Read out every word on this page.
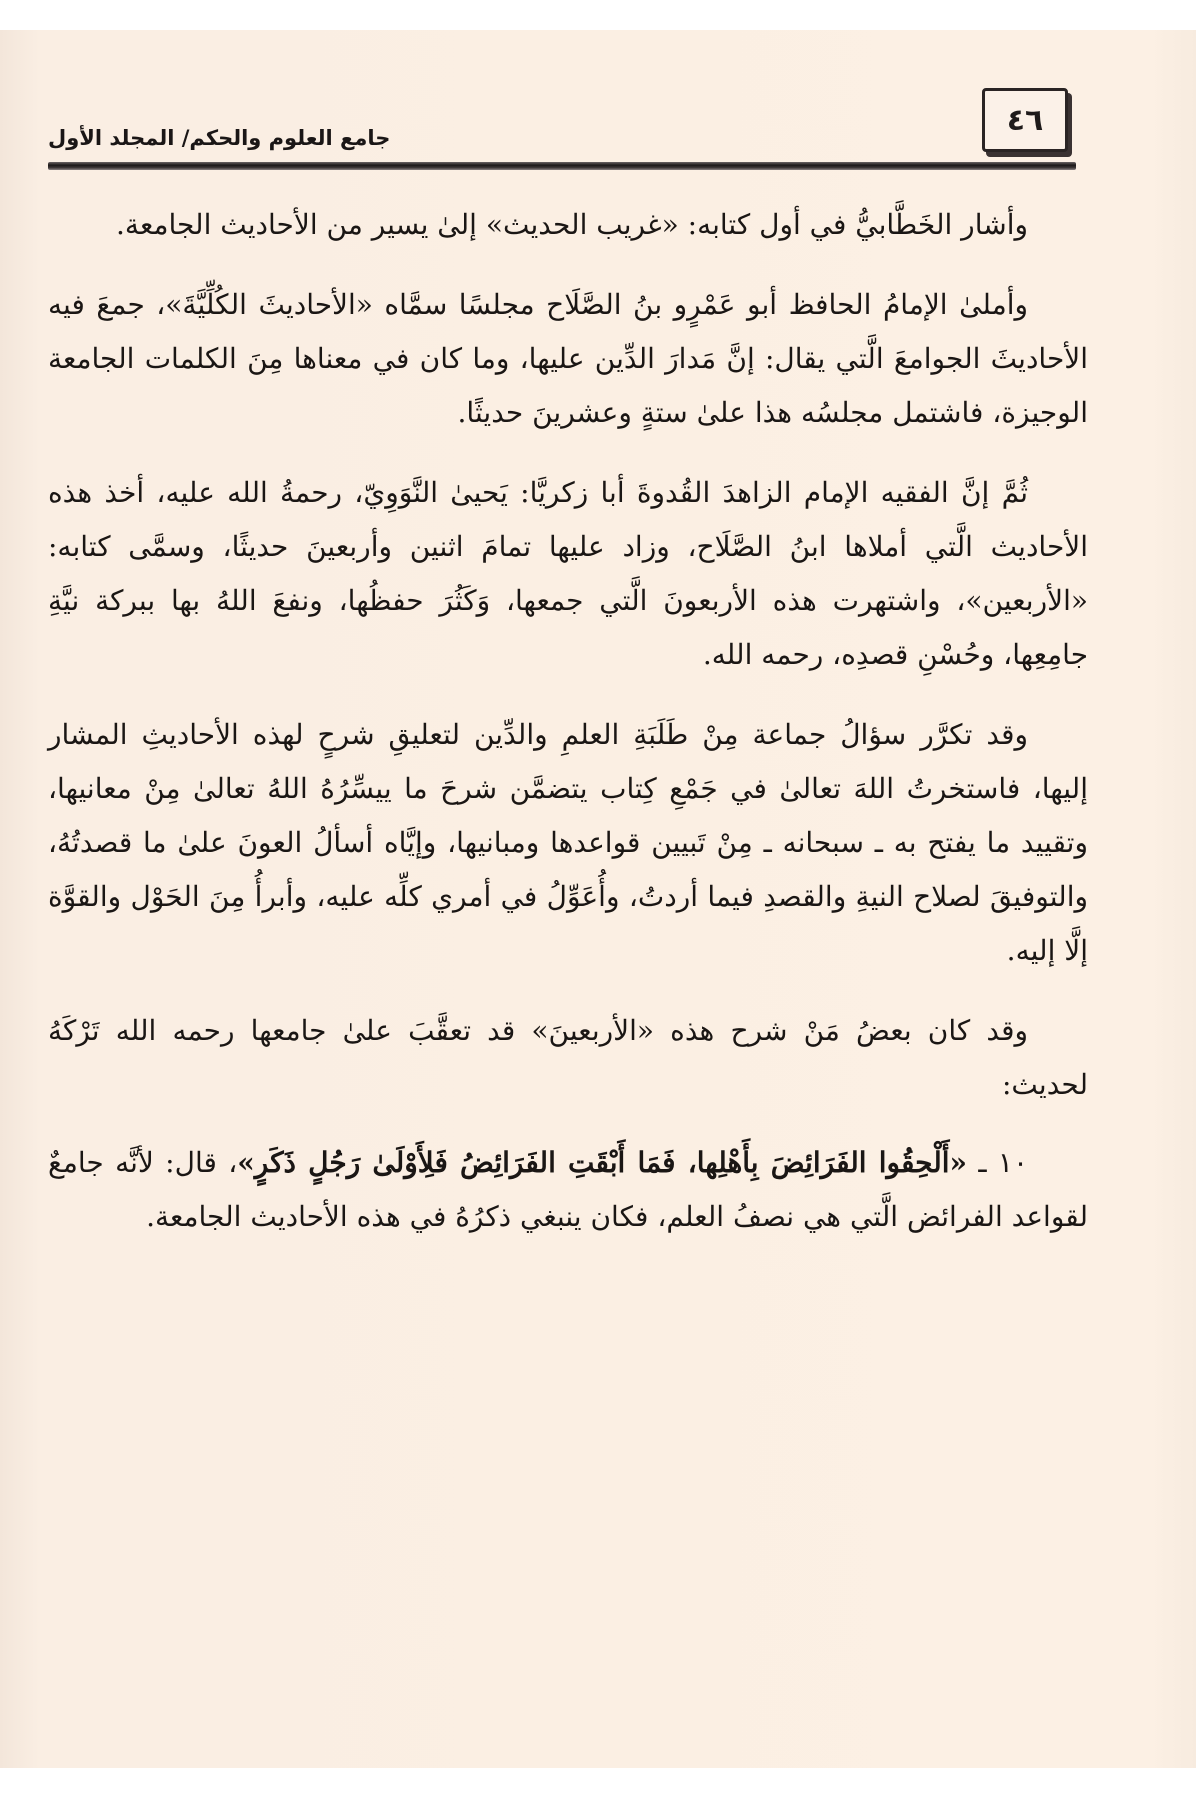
٤٦
جامع العلوم والحكم/ المجلد الأول

وأشار الخَطَّابيُّ في أول كتابه: «غريب الحديث» إلىٰ يسير من الأحاديث الجامعة.

وأملىٰ الإمامُ الحافظ أبو عَمْرٍو بنُ الصَّلَاح مجلسًا سمَّاه «الأحاديثَ الكُلِّيَّةَ»، جمعَ فيه الأحاديثَ الجوامعَ الَّتي يقال: إنَّ مَدارَ الدِّين عليها، وما كان في معناها مِنَ الكلمات الجامعة الوجيزة، فاشتمل مجلسُه هذا علىٰ ستةٍ وعشرينَ حديثًا.

ثُمَّ إنَّ الفقيه الإمام الزاهدَ القُدوةَ أبا زكريَّا: يَحيىٰ النَّوَوِيّ، رحمةُ الله عليه، أخذ هذه الأحاديث الَّتي أملاها ابنُ الصَّلَاح، وزاد عليها تمامَ اثنين وأربعينَ حديثًا، وسمَّى كتابه: «الأربعين»، واشتهرت هذه الأربعونَ الَّتي جمعها، وَكَثُرَ حفظُها، ونفعَ اللهُ بها ببركة نيَّةِ جامِعِها، وحُسْنِ قصدِه، رحمه الله.

وقد تكرَّر سؤالُ جماعة مِنْ طَلَبَةِ العلمِ والدِّين لتعليقِ شرحٍ لهذه الأحاديثِ المشار إليها، فاستخرتُ اللهَ تعالىٰ في جَمْعِ كِتاب يتضمَّن شرحَ ما ييسِّرُهُ اللهُ تعالىٰ مِنْ معانيها، وتقييد ما يفتح به ـ سبحانه ـ مِنْ تَبيين قواعدها ومبانيها، وإيَّاه أسألُ العونَ علىٰ ما قصدتُهُ، والتوفيقَ لصلاح النيةِ والقصدِ فيما أردتُ، وأُعَوِّلُ في أمري كلِّه عليه، وأبرأُ مِنَ الحَوْل والقوَّة إلَّا إليه.

وقد كان بعضُ مَنْ شرح هذه «الأربعينَ» قد تعقَّبَ علىٰ جامعها رحمه الله تَرْكَهُ لحديث:

١٠ ـ «أَلْحِقُوا الفَرَائِضَ بِأَهْلِها، فَمَا أَبْقَتِ الفَرَائِضُ فَلِأَوْلَىٰ رَجُلٍ ذَكَرٍ»، قال: لأنَّه جامعٌ لقواعد الفرائض الَّتي هي نصفُ العلم، فكان ينبغي ذكرُهُ في هذه الأحاديث الجامعة.
